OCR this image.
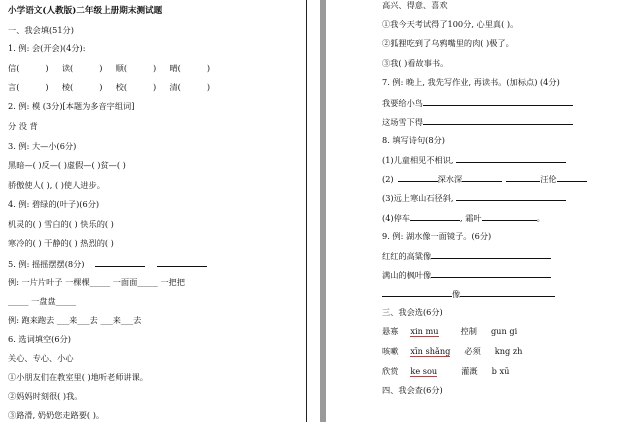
小学语文(人教版)二年级上册期末测试题
一、我会填(51分)
1. 例: 会(开会)(4分):
信(	) 读(	) 顺(	) 晴(	)
言(	) 棱(	) 校(	) 清(	)
2. 例: 模 (3分)[本题为多音字组词]
分 没 背
3. 例: 大—小(6分)
黑暗—( )反—( )虚假—( )贫—( )
骄傲使人( ), ( )使人进步。
4. 例: 碧绿的(叶子)(6分)
机灵的( ) 雪白的( ) 快乐的( )
寒冷的( ) 干静的( ) 热烈的( )
5. 例: 摇摇摆摆(8分)
例: 一片片叶子 一棵棵_____ 一面面_____ 一把把
_____ 一盘盘_____
例: 跑来跑去 ___来___去 ___来___去
6. 选词填空(6分)
关心、专心、小心
①小朋友们在教室里( )地听老师讲课。
②妈妈时刻很( )我。
③路滑, 奶奶您走路要( )。
高兴、得意、喜欢
①我今天考试得了100分, 心里真( )。
②狐狸吃到了乌鸦嘴里的肉( )极了。
③我( )看故事书。
7. 例: 晚上, 我先写作业, 再读书。(加标点) (4分)
我要给小鸟
这场雪下得
8. 填写诗句(8分)
(1)儿童相见不相识,
(2)	深水深	汪伦
(3)远上寒山石径斜,
(4)停车	, 霜叶	。
9. 例: 湖水像一面镜子。(6分)
红红的高粱像
满山的枫叶像
像
三、我会选(6分)
悬寡 xin mu	控制 gun gi
咳嗽 xīn shǎng 必须 kng zh
欣赏 ke sou	灌溉 b xū
四、我会查(6分)
